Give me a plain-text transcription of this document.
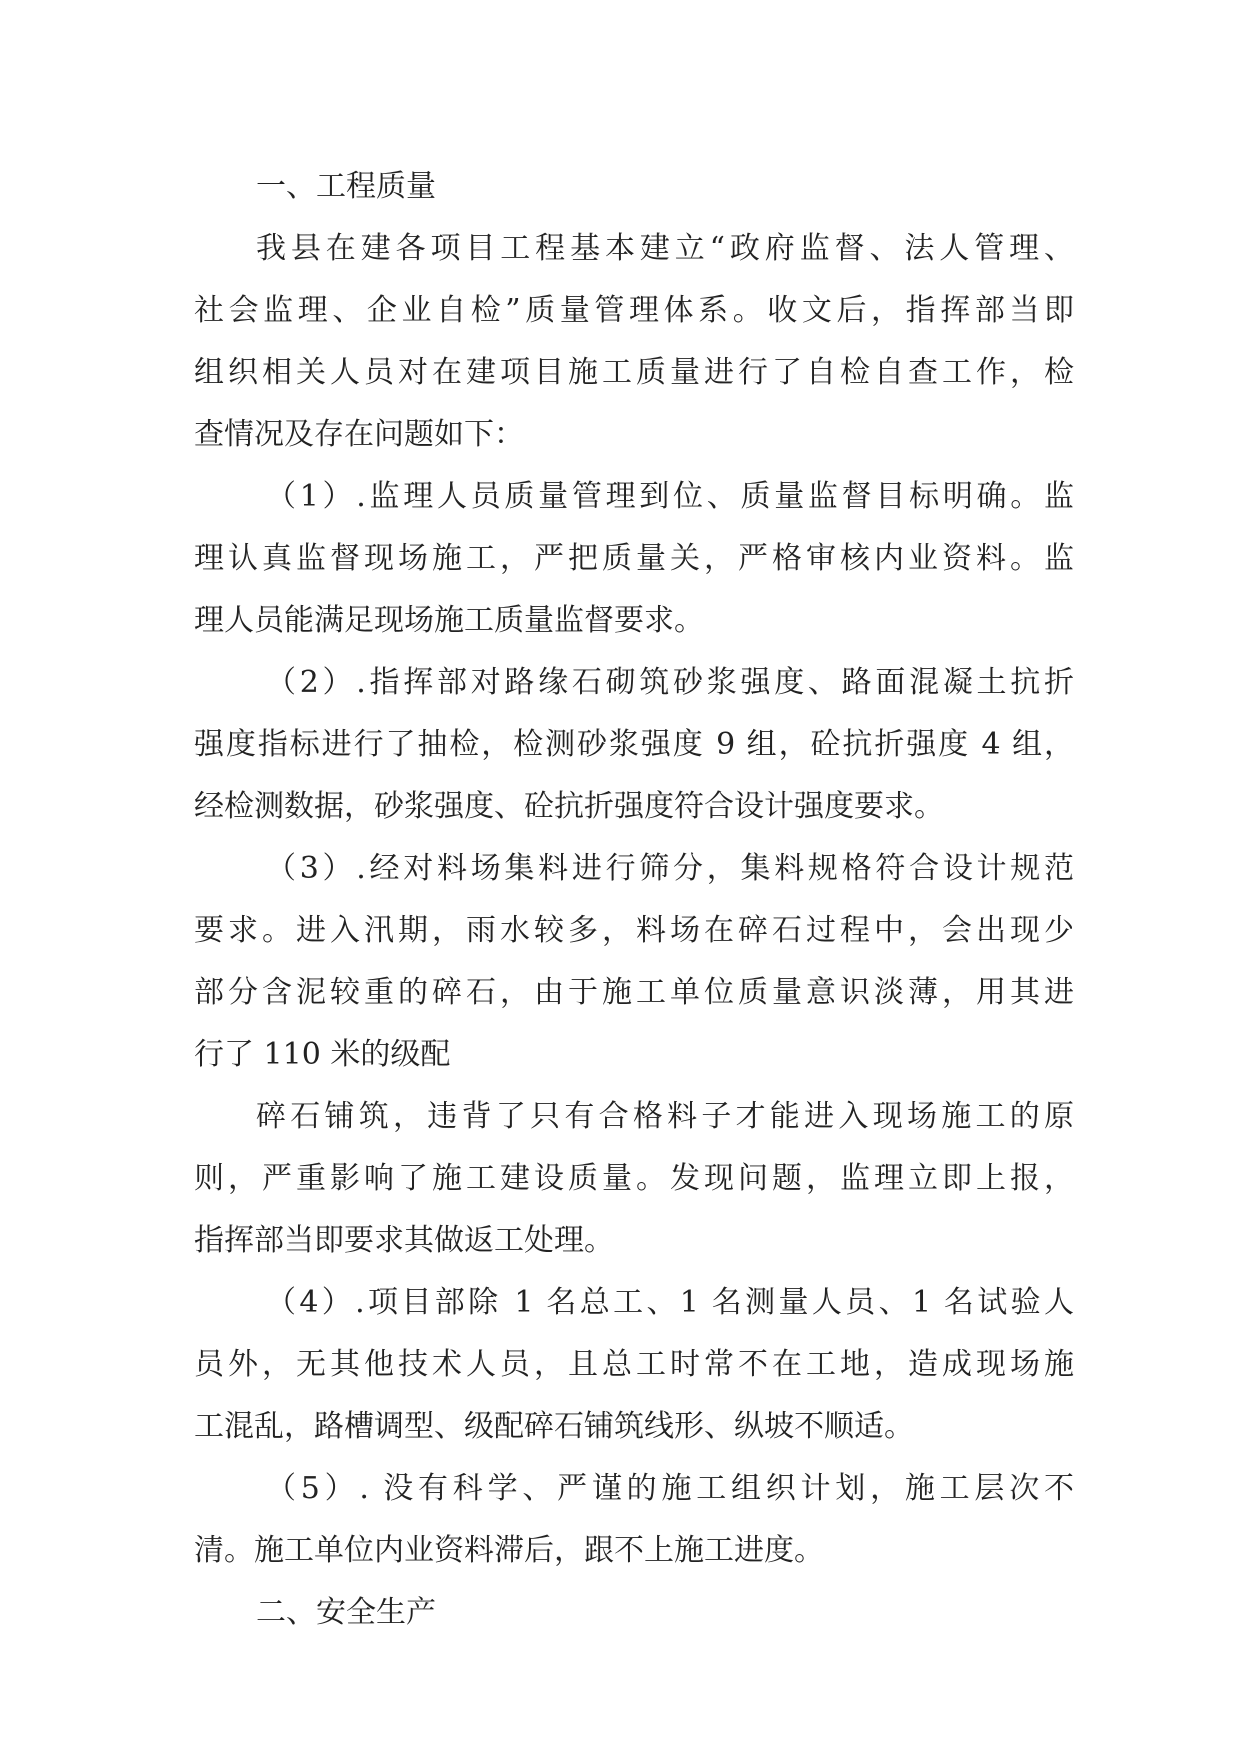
一、工程质量
我县在建各项目工程基本建立“政府监督、法人管理、
社会监理、企业自检”质量管理体系。收文后，指挥部当即
组织相关人员对在建项目施工质量进行了自检自查工作，检
查情况及存在问题如下：
（1）.监理人员质量管理到位、质量监督目标明确。监
理认真监督现场施工，严把质量关，严格审核内业资料。监
理人员能满足现场施工质量监督要求。
（2）.指挥部对路缘石砌筑砂浆强度、路面混凝土抗折
强度指标进行了抽检，检测砂浆强度 9 组，砼抗折强度 4 组，
经检测数据，砂浆强度、砼抗折强度符合设计强度要求。
（3）.经对料场集料进行筛分，集料规格符合设计规范
要求。进入汛期，雨水较多，料场在碎石过程中，会出现少
部分含泥较重的碎石，由于施工单位质量意识淡薄，用其进
行了 110 米的级配
碎石铺筑，违背了只有合格料子才能进入现场施工的原
则，严重影响了施工建设质量。发现问题，监理立即上报，
指挥部当即要求其做返工处理。
（4）.项目部除 1 名总工、1 名测量人员、1 名试验人
员外，无其他技术人员，且总工时常不在工地，造成现场施
工混乱，路槽调型、级配碎石铺筑线形、纵坡不顺适。
（5）. 没有科学、严谨的施工组织计划，施工层次不
清。施工单位内业资料滞后，跟不上施工进度。
二、安全生产
